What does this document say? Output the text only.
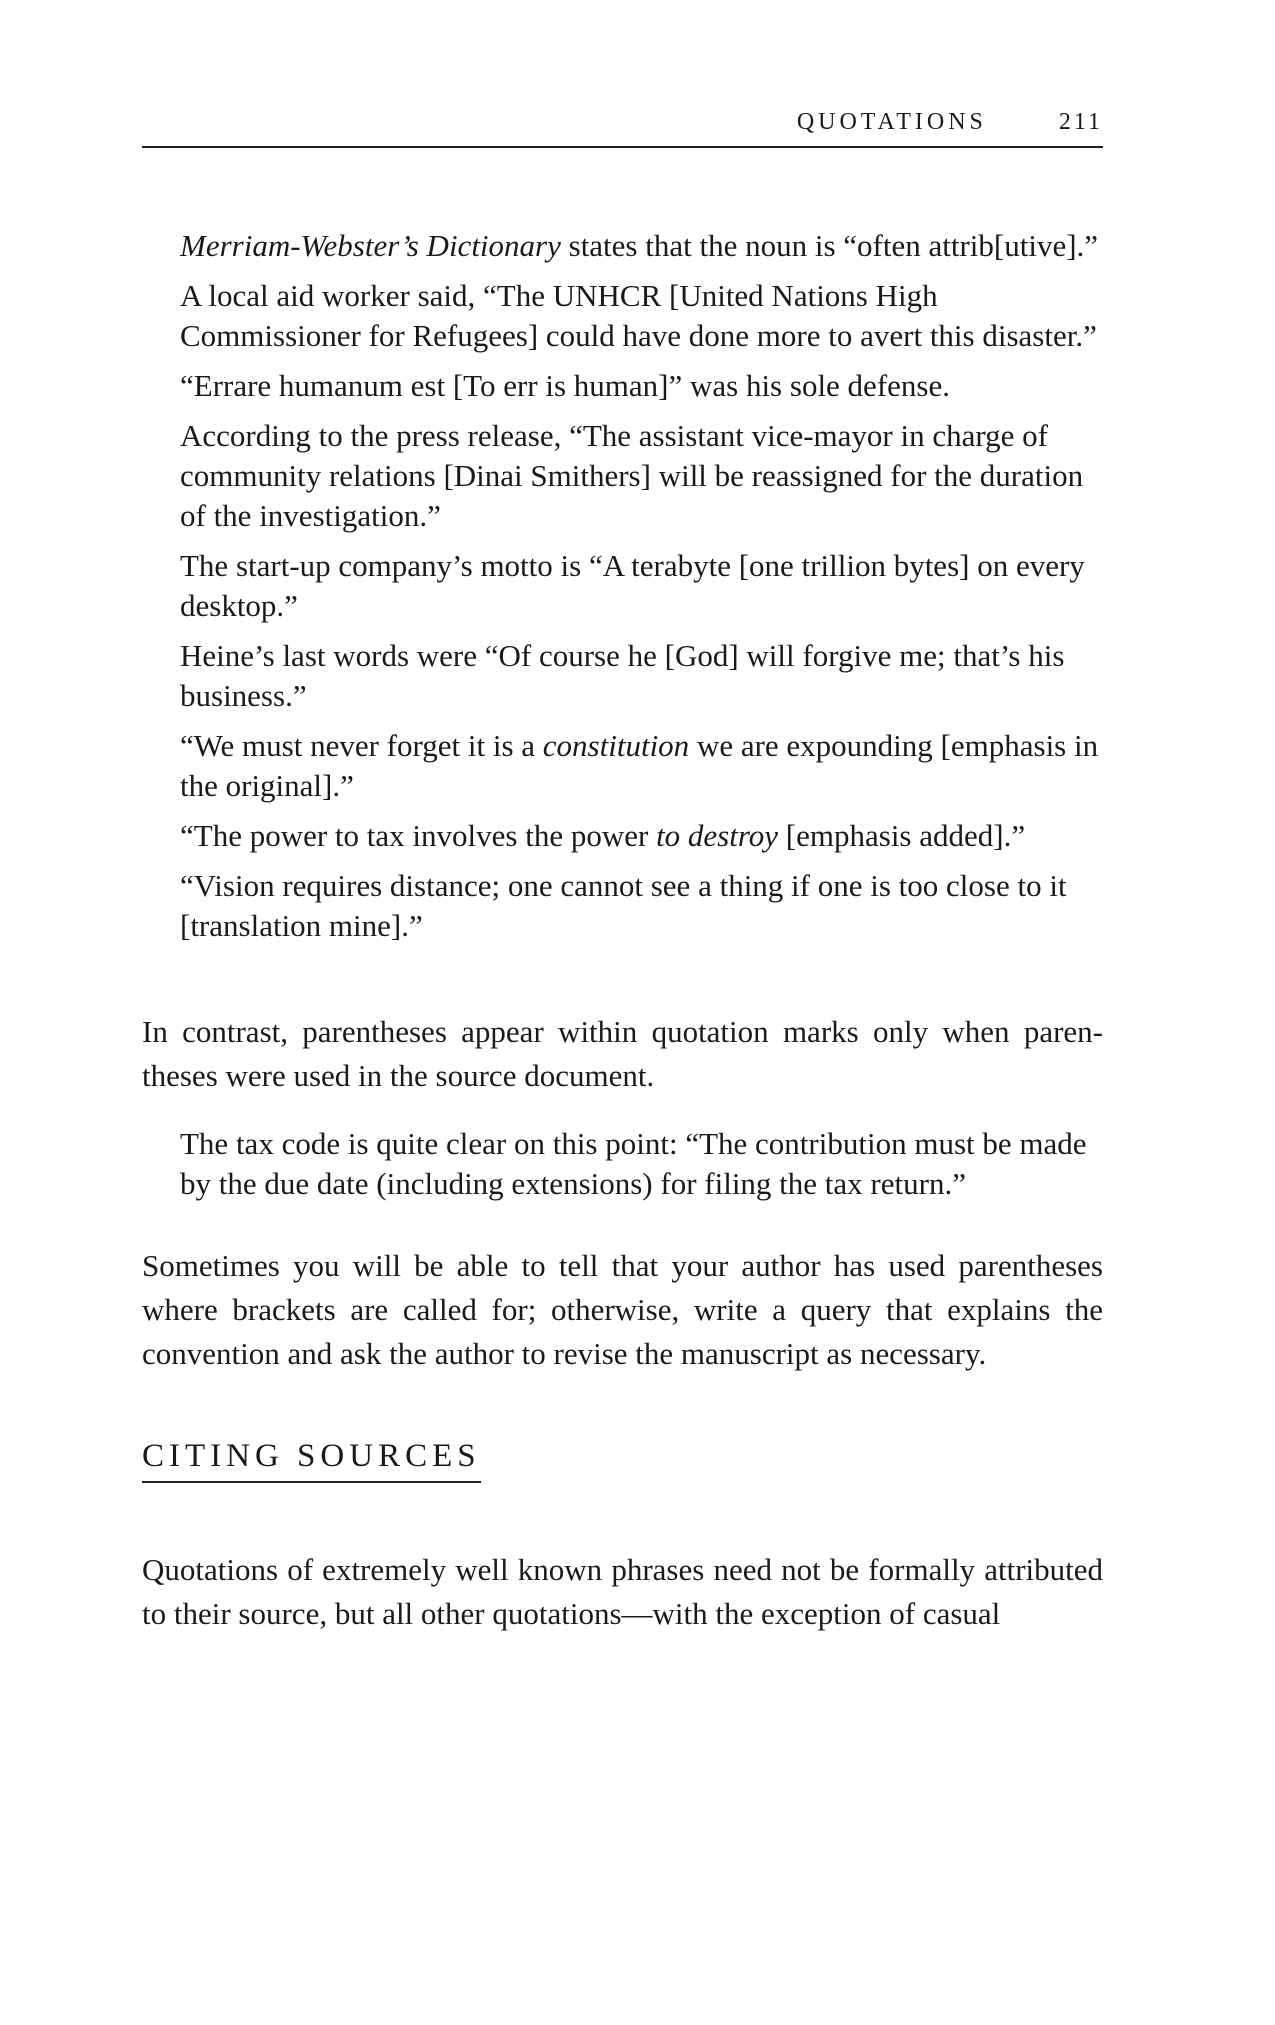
QUOTATIONS	211

Merriam-Webster’s Dictionary states that the noun is “often attrib[utive].”

A local aid worker said, “The UNHCR [United Nations High Commissioner for Refugees] could have done more to avert this disaster.”

“Errare humanum est [To err is human]” was his sole defense.

According to the press release, “The assistant vice-mayor in charge of community relations [Dinai Smithers] will be reassigned for the duration of the investigation.”

The start-up company’s motto is “A terabyte [one trillion bytes] on every desktop.”

Heine’s last words were “Of course he [God] will forgive me; that’s his business.”

“We must never forget it is a constitution we are expounding [emphasis in the original].”

“The power to tax involves the power to destroy [emphasis added].”

“Vision requires distance; one cannot see a thing if one is too close to it [translation mine].”

In contrast, parentheses appear within quotation marks only when parentheses were used in the source document.

The tax code is quite clear on this point: “The contribution must be made by the due date (including extensions) for filing the tax return.”

Sometimes you will be able to tell that your author has used parentheses where brackets are called for; otherwise, write a query that explains the convention and ask the author to revise the manuscript as necessary.

CITING SOURCES

Quotations of extremely well known phrases need not be formally attributed to their source, but all other quotations—with the exception of casual
